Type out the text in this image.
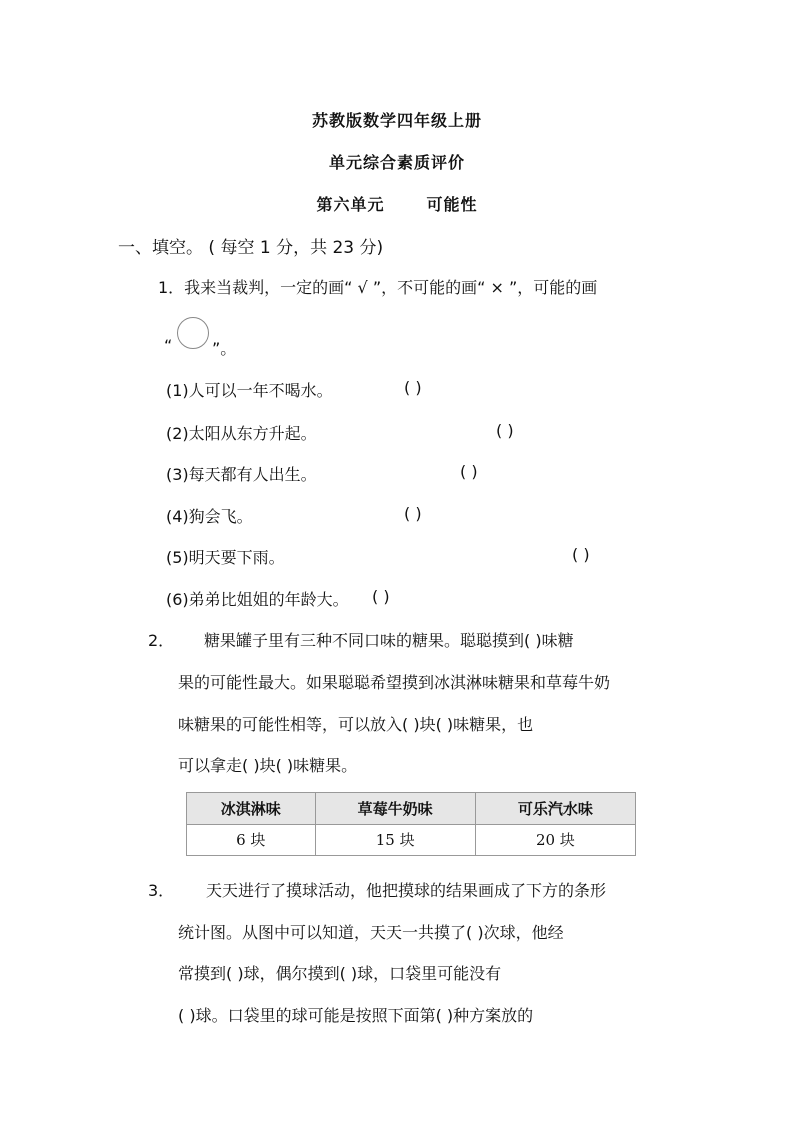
苏教版数学四年级上册
单元综合素质评价
第六单元	可能性
一、填空。 ( 每空 1 分，共 23 分)
1．我来当裁判，一定的画“ √ ”，不可能的画“ × ”，可能的画
“ ”。
(1)人可以一年不喝水。	( )
(2)太阳从东方升起。	( )
(3)每天都有人出生。	( )
(4)狗会飞。	( )
(5)明天要下雨。	( )
(6)弟弟比姐姐的年龄大。 ( )
2． 糖果罐子里有三种不同口味的糖果。聪聪摸到( )味糖
果的可能性最大。如果聪聪希望摸到冰淇淋味糖果和草莓牛奶
味糖果的可能性相等，可以放入( )块( )味糖果，也
可以拿走( )块( )味糖果。
冰淇淋味	草莓牛奶味	可乐汽水味
6 块	15 块	20 块
3． 天天进行了摸球活动，他把摸球的结果画成了下方的条形
统计图。从图中可以知道，天天一共摸了( )次球，他经
常摸到( )球，偶尔摸到( )球，口袋里可能没有
( )球。口袋里的球可能是按照下面第( )种方案放的
